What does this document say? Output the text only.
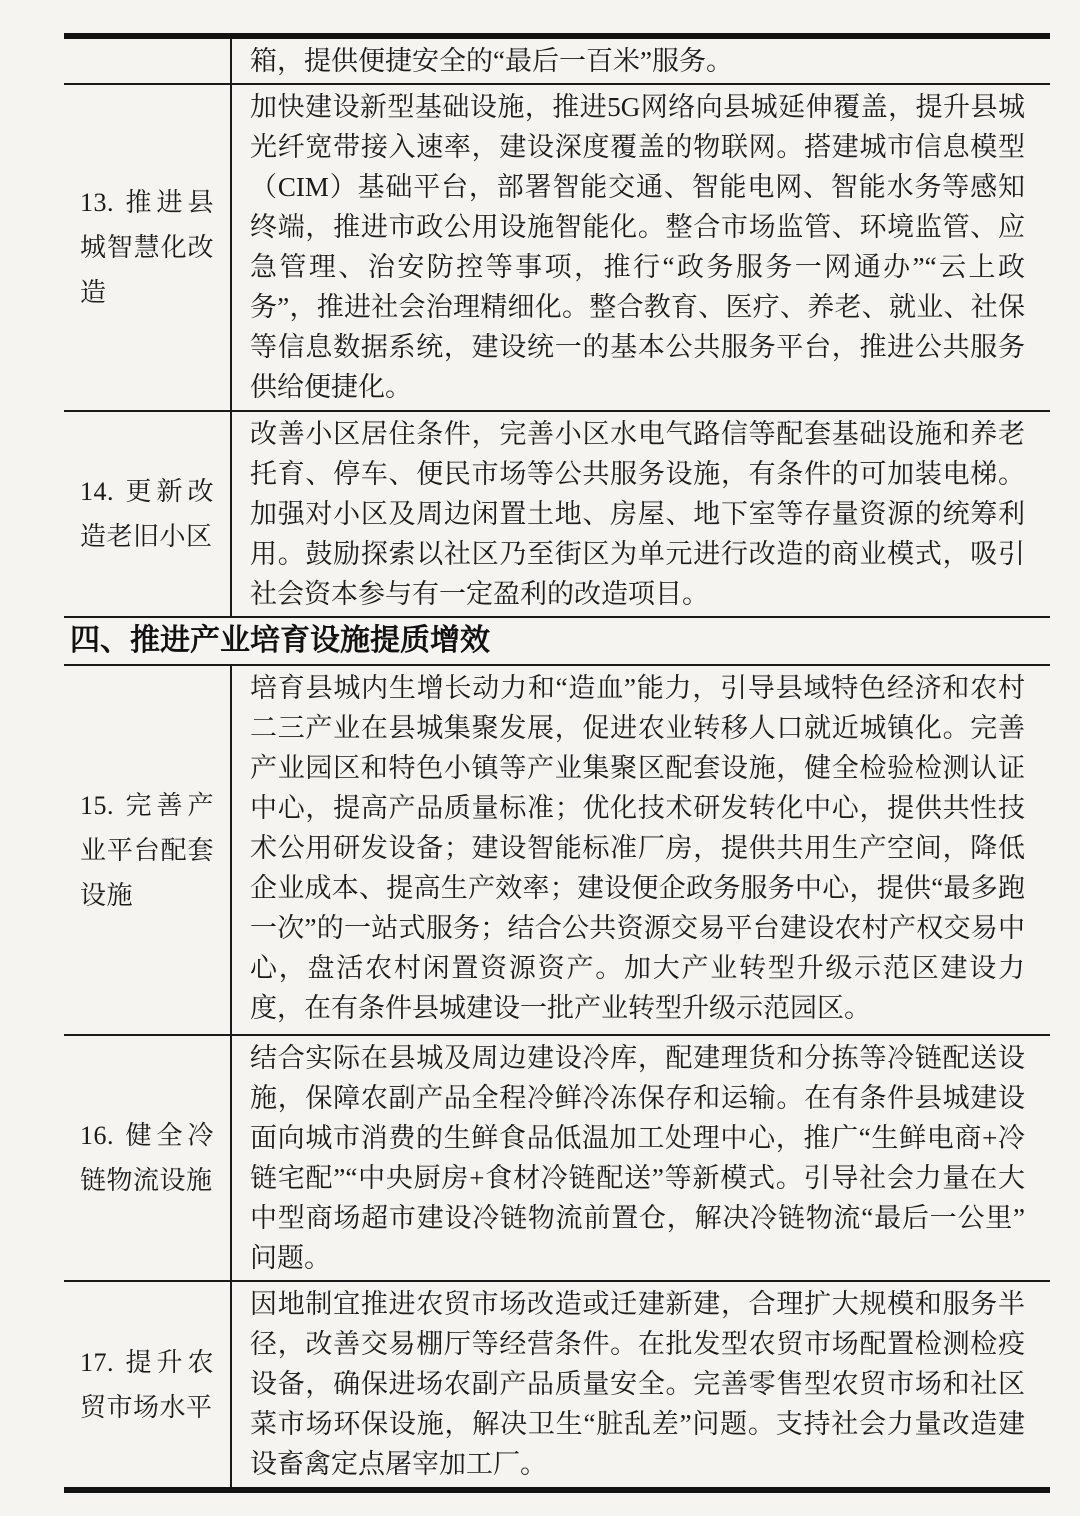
箱，提供便捷安全的“最后一百米”服务。
13. 推进县城智慧化改造
加快建设新型基础设施，推进5G网络向县城延伸覆盖，提升县城光纤宽带接入速率，建设深度覆盖的物联网。搭建城市信息模型（CIM）基础平台，部署智能交通、智能电网、智能水务等感知终端，推进市政公用设施智能化。整合市场监管、环境监管、应急管理、治安防控等事项，推行“政务服务一网通办”“云上政务”，推进社会治理精细化。整合教育、医疗、养老、就业、社保等信息数据系统，建设统一的基本公共服务平台，推进公共服务供给便捷化。
14. 更新改造老旧小区
改善小区居住条件，完善小区水电气路信等配套基础设施和养老托育、停车、便民市场等公共服务设施，有条件的可加装电梯。加强对小区及周边闲置土地、房屋、地下室等存量资源的统筹利用。鼓励探索以社区乃至街区为单元进行改造的商业模式，吸引社会资本参与有一定盈利的改造项目。
四、推进产业培育设施提质增效
15. 完善产业平台配套设施
培育县城内生增长动力和“造血”能力，引导县域特色经济和农村二三产业在县城集聚发展，促进农业转移人口就近城镇化。完善产业园区和特色小镇等产业集聚区配套设施，健全检验检测认证中心，提高产品质量标准；优化技术研发转化中心，提供共性技术公用研发设备；建设智能标准厂房，提供共用生产空间，降低企业成本、提高生产效率；建设便企政务服务中心，提供“最多跑一次”的一站式服务；结合公共资源交易平台建设农村产权交易中心，盘活农村闲置资源资产。加大产业转型升级示范区建设力度，在有条件县城建设一批产业转型升级示范园区。
16. 健全冷链物流设施
结合实际在县城及周边建设冷库，配建理货和分拣等冷链配送设施，保障农副产品全程冷鲜冷冻保存和运输。在有条件县城建设面向城市消费的生鲜食品低温加工处理中心，推广“生鲜电商+冷链宅配”“中央厨房+食材冷链配送”等新模式。引导社会力量在大中型商场超市建设冷链物流前置仓，解决冷链物流“最后一公里”问题。
17. 提升农贸市场水平
因地制宜推进农贸市场改造或迁建新建，合理扩大规模和服务半径，改善交易棚厅等经营条件。在批发型农贸市场配置检测检疫设备，确保进场农副产品质量安全。完善零售型农贸市场和社区菜市场环保设施，解决卫生“脏乱差”问题。支持社会力量改造建设畜禽定点屠宰加工厂。
